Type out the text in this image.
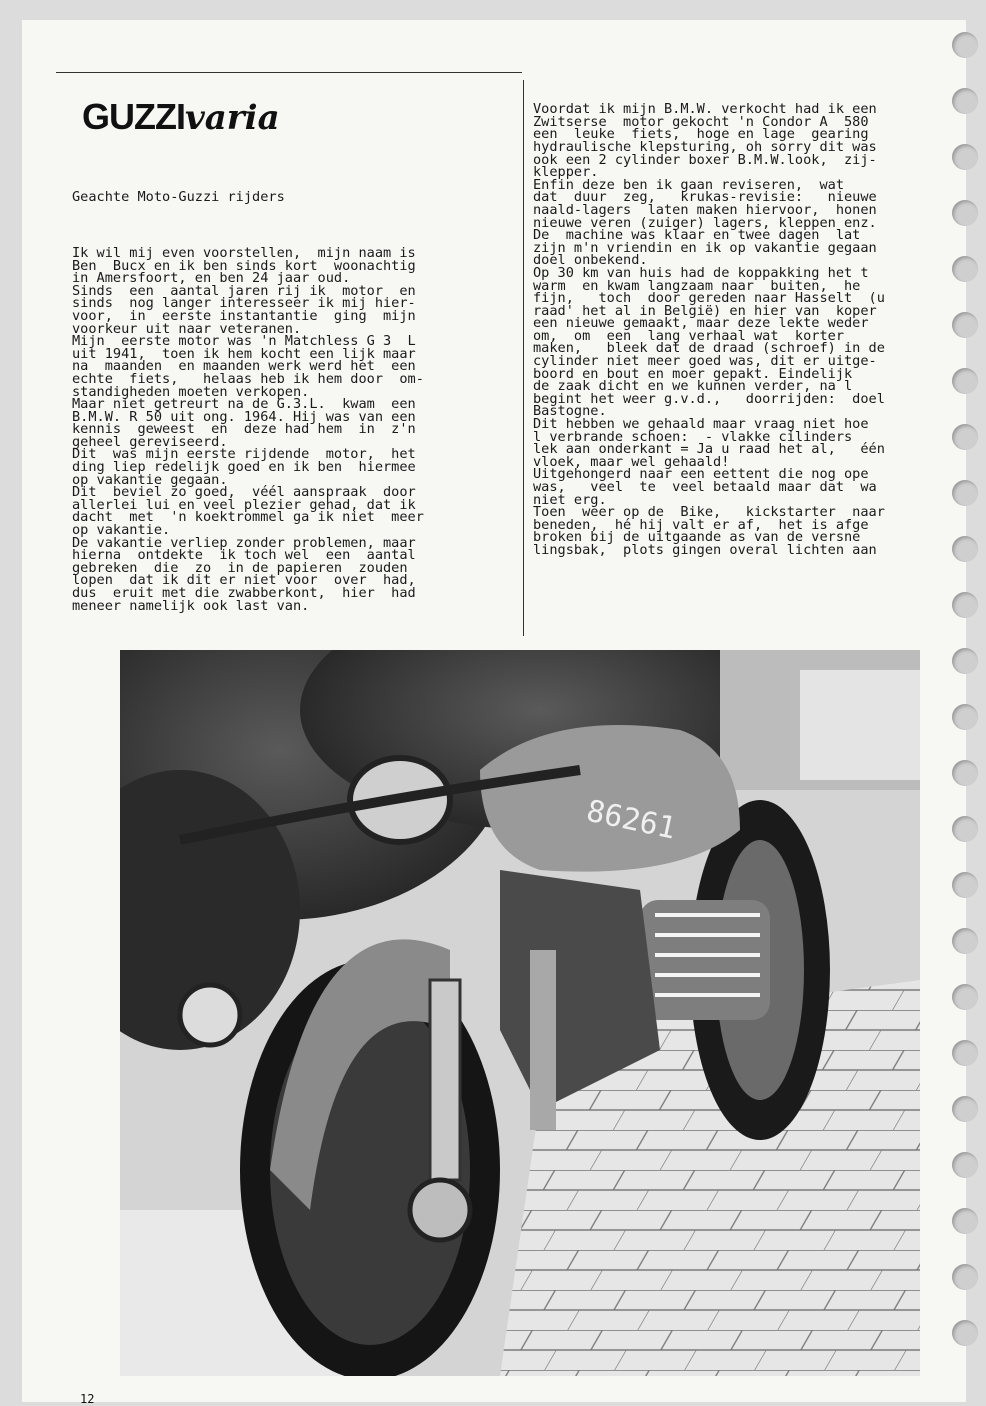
GUZZIvaria

Geachte Moto-Guzzi rijders

Ik wil mij even voorstellen,  mijn naam is
Ben  Bucx en ik ben sinds kort  woonachtig
in Amersfoort, en ben 24 jaar oud.
Sinds  een  aantal jaren rij ik  motor  en
sinds  nog langer interesseer ik mij hier-
voor,  in  eerste instantantie  ging  mijn
voorkeur uit naar veteranen.
Mijn  eerste motor was 'n Matchless G 3  L
uit 1941,  toen ik hem kocht een lijk maar
na  maanden  en maanden werk werd het  een
echte  fiets,   helaas heb ik hem door  om-
standigheden moeten verkopen.
Maar niet getreurt na de G.3.L.  kwam  een
B.M.W. R 50 uit ong. 1964. Hij was van een
kennis  geweest  en  deze had hem  in  z'n
geheel gereviseerd.
Dit  was mijn eerste rijdende  motor,  het
ding liep redelijk goed en ik ben  hiermee
op vakantie gegaan.
Dit  beviel zo goed,  véél aanspraak  door
allerlei lui en veel plezier gehad, dat ik
dacht  met  'n koektrommel ga ik niet  meer
op vakantie.
De vakantie verliep zonder problemen, maar
hierna  ontdekte  ik toch wel  een  aantal
gebreken  die  zo  in de papieren  zouden
lopen  dat ik dit er niet voor  over  had,
dus  eruit met die zwabberkont,  hier  had
meneer namelijk ook last van.

Voordat ik mijn B.M.W. verkocht had ik een
Zwitserse  motor gekocht 'n Condor A  580
een  leuke  fiets,  hoge en lage  gearing
hydraulische klepsturing, oh sorry dit was
ook een 2 cylinder boxer B.M.W.look,  zij-
klepper.
Enfin deze ben ik gaan reviseren,  wat
dat  duur  zeg,   krukas-revisie:   nieuwe
naald-lagers  laten maken hiervoor,  honen
nieuwe veren (zuiger) lagers, kleppen enz.
De  machine was klaar en twee dagen  lat
zijn m'n vriendin en ik op vakantie gegaan
doel onbekend.
Op 30 km van huis had de koppakking het t
warm  en kwam langzaam naar  buiten,  he
fijn,   toch  door gereden naar Hasselt  (u
raad' het al in België) en hier van  koper
een nieuwe gemaakt, maar deze lekte weder
om,  om  een  lang verhaal wat  korter
maken,   bleek dat de draad (schroef) in de
cylinder niet meer goed was, dit er uitge-
boord en bout en moer gepakt. Eindelijk
de zaak dicht en we kunnen verder, na l
begint het weer g.v.d.,   doorrijden:  doel
Bastogne.
Dit hebben we gehaald maar vraag niet hoe
l verbrande schoen:  - vlakke cilinders
lek aan onderkant = Ja u raad het al,   één
vloek, maar wel gehaald!
Uitgehongerd naar een eettent die nog ope
was,   veel  te  veel betaald maar dat  wa
niet erg.
Toen  weer op de  Bike,   kickstarter  naar
beneden,  hé hij valt er af,  het is afge
broken bij de uitgaande as van de versne
lingsbak,  plots gingen overal lichten aan

86261
12
